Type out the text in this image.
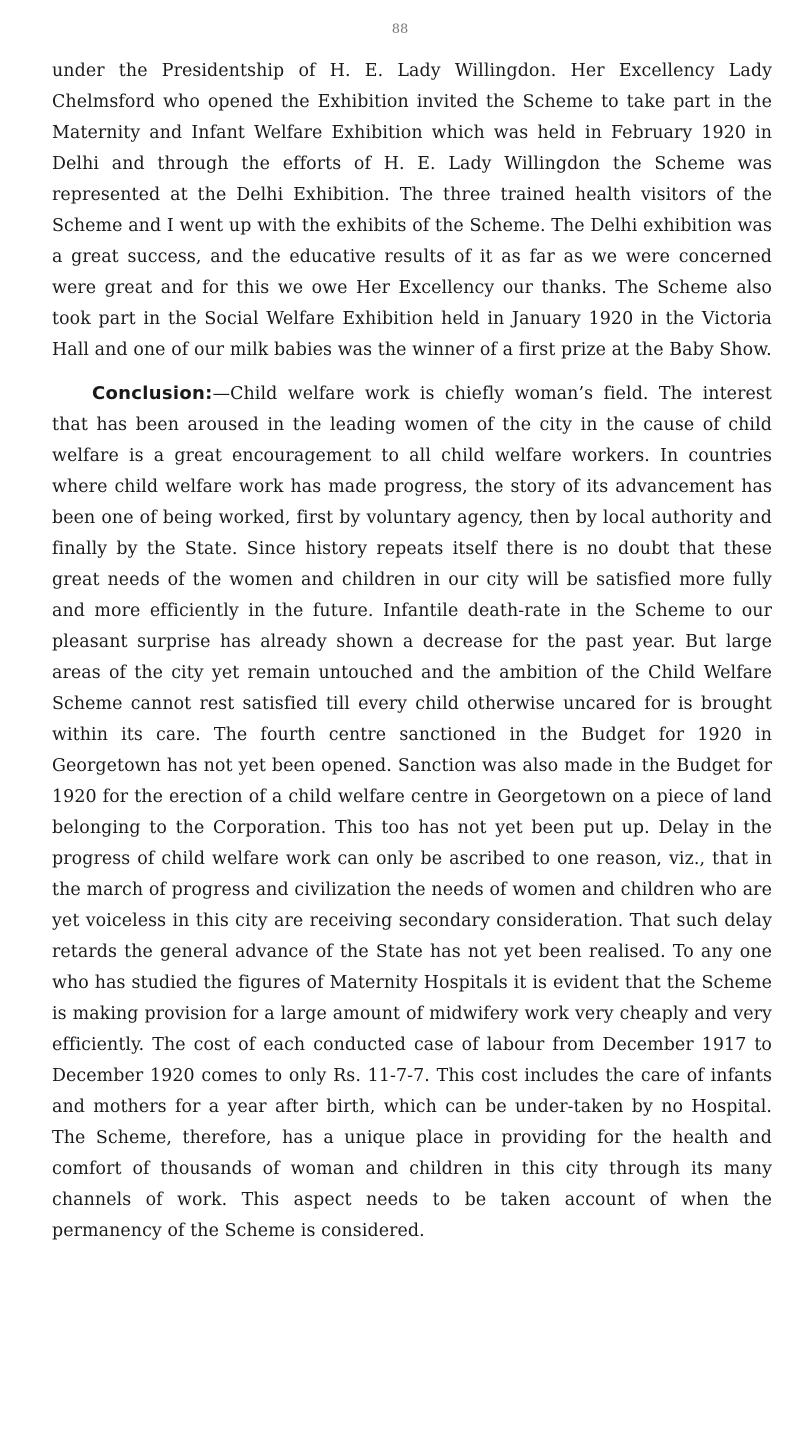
88

under the Presidentship of H. E. Lady Willingdon. Her Excellency Lady Chelmsford who opened the Exhibition invited the Scheme to take part in the Maternity and Infant Welfare Exhibition which was held in February 1920 in Delhi and through the efforts of H. E. Lady Willingdon the Scheme was represented at the Delhi Exhibition. The three trained health visitors of the Scheme and I went up with the exhibits of the Scheme. The Delhi exhibition was a great success, and the educative results of it as far as we were concerned were great and for this we owe Her Excellency our thanks. The Scheme also took part in the Social Welfare Exhibition held in January 1920 in the Victoria Hall and one of our milk babies was the winner of a first prize at the Baby Show.

Conclusion:—Child welfare work is chiefly woman’s field. The interest that has been aroused in the leading women of the city in the cause of child welfare is a great encouragement to all child welfare workers. In countries where child welfare work has made progress, the story of its advancement has been one of being worked, first by voluntary agency, then by local authority and finally by the State. Since history repeats itself there is no doubt that these great needs of the women and children in our city will be satisfied more fully and more efficiently in the future. Infantile death-rate in the Scheme to our pleasant surprise has already shown a decrease for the past year. But large areas of the city yet remain untouched and the ambition of the Child Welfare Scheme cannot rest satisfied till every child otherwise uncared for is brought within its care. The fourth centre sanctioned in the Budget for 1920 in Georgetown has not yet been opened. Sanction was also made in the Budget for 1920 for the erection of a child welfare centre in Georgetown on a piece of land belonging to the Corporation. This too has not yet been put up. Delay in the progress of child welfare work can only be ascribed to one reason, viz., that in the march of progress and civilization the needs of women and children who are yet voiceless in this city are receiving secondary consideration. That such delay retards the general advance of the State has not yet been realised. To any one who has studied the figures of Maternity Hospitals it is evident that the Scheme is making provision for a large amount of midwifery work very cheaply and very efficiently. The cost of each conducted case of labour from December 1917 to December 1920 comes to only Rs. 11-7-7. This cost includes the care of infants and mothers for a year after birth, which can be under-taken by no Hospital. The Scheme, therefore, has a unique place in providing for the health and comfort of thousands of woman and children in this city through its many channels of work. This aspect needs to be taken account of when the permanency of the Scheme is considered.
